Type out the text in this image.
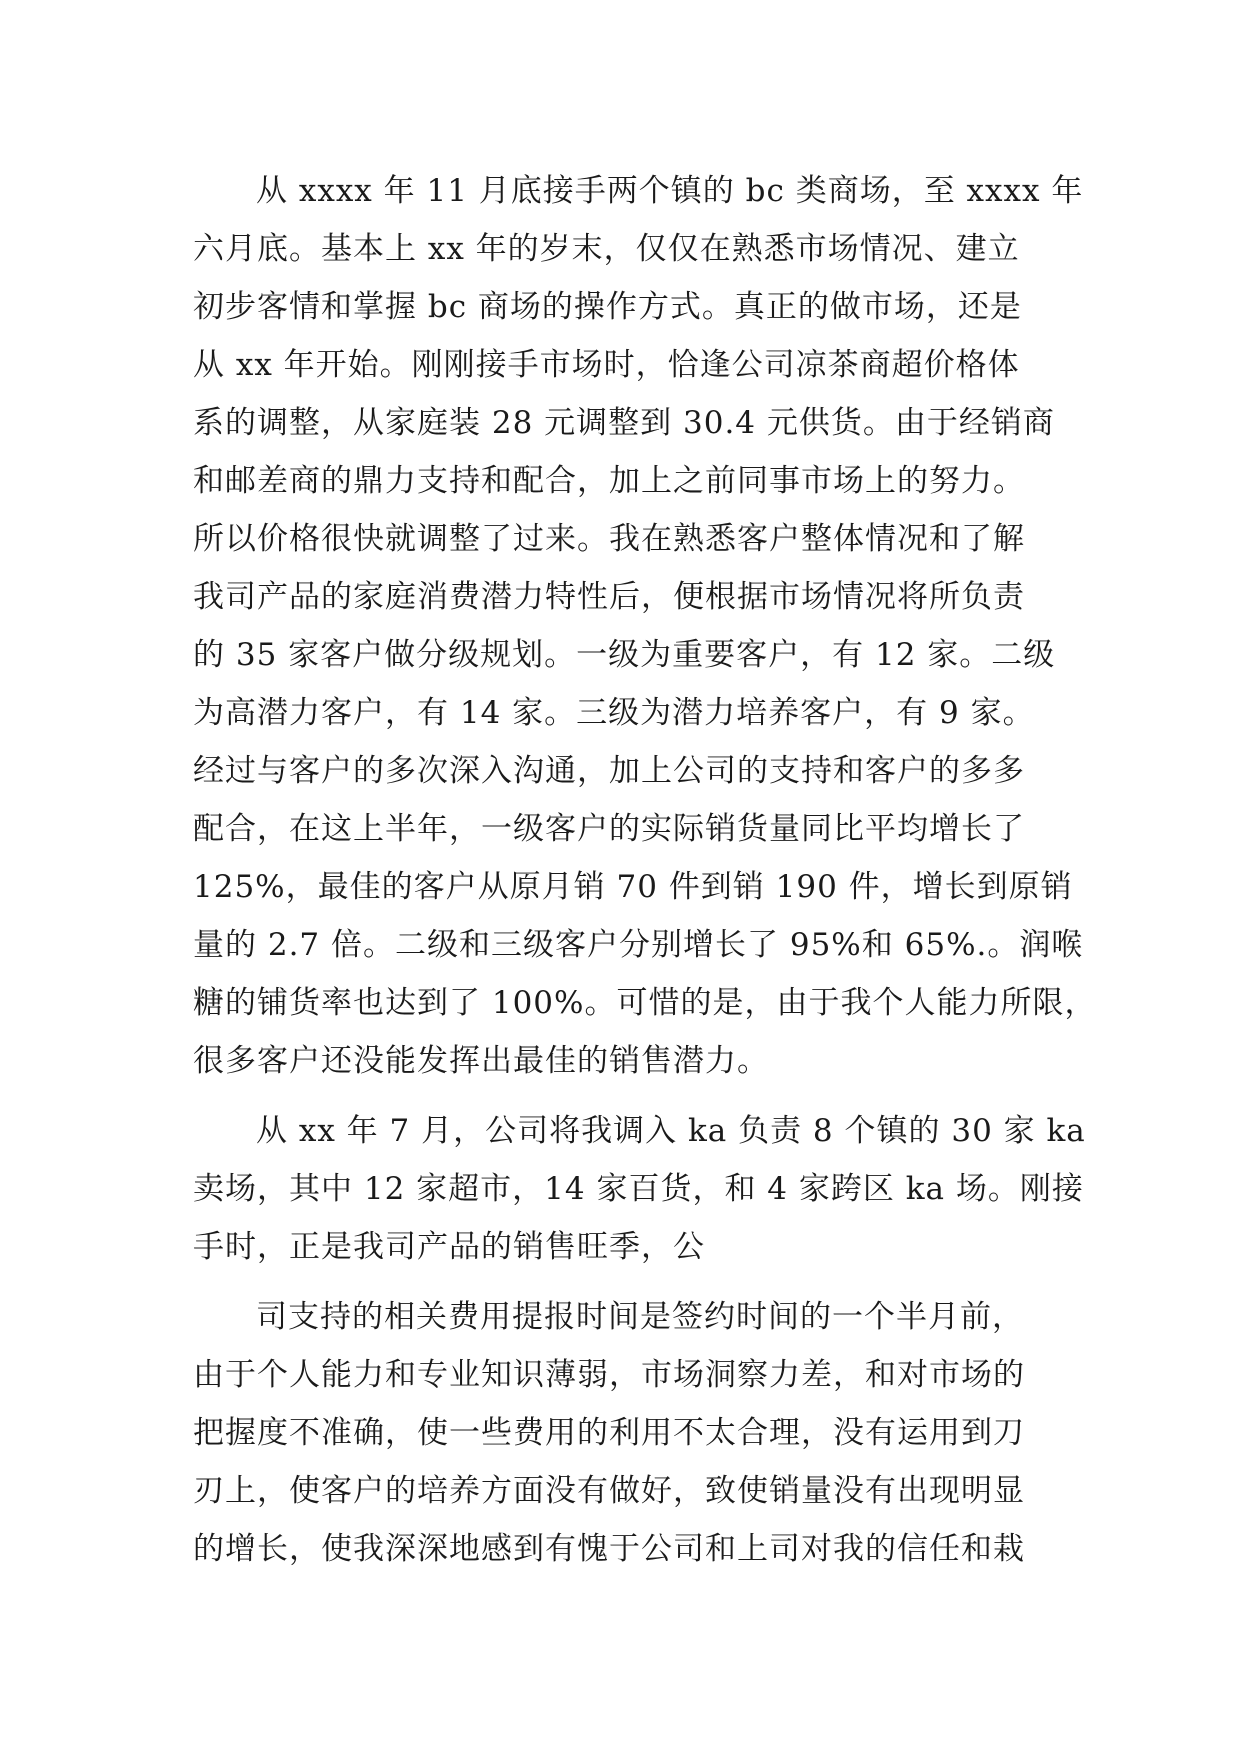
从 xxxx 年 11 月底接手两个镇的 bc 类商场，至 xxxx 年
六月底。基本上 xx 年的岁末，仅仅在熟悉市场情况、建立
初步客情和掌握 bc 商场的操作方式。真正的做市场，还是
从 xx 年开始。刚刚接手市场时，恰逢公司凉茶商超价格体
系的调整，从家庭装 28 元调整到 30.4 元供货。由于经销商
和邮差商的鼎力支持和配合，加上之前同事市场上的努力。
所以价格很快就调整了过来。我在熟悉客户整体情况和了解
我司产品的家庭消费潜力特性后，便根据市场情况将所负责
的 35 家客户做分级规划。一级为重要客户，有 12 家。二级
为高潜力客户，有 14 家。三级为潜力培养客户，有 9 家。
经过与客户的多次深入沟通，加上公司的支持和客户的多多
配合，在这上半年，一级客户的实际销货量同比平均增长了
125%，最佳的客户从原月销 70 件到销 190 件，增长到原销
量的 2.7 倍。二级和三级客户分别增长了 95%和 65%.。润喉
糖的铺货率也达到了 100%。可惜的是，由于我个人能力所限，
很多客户还没能发挥出最佳的销售潜力。
从 xx 年 7 月，公司将我调入 ka 负责 8 个镇的 30 家 ka
卖场，其中 12 家超市，14 家百货，和 4 家跨区 ka 场。刚接
手时，正是我司产品的销售旺季，公
司支持的相关费用提报时间是签约时间的一个半月前，
由于个人能力和专业知识薄弱，市场洞察力差，和对市场的
把握度不准确，使一些费用的利用不太合理，没有运用到刀
刃上，使客户的培养方面没有做好，致使销量没有出现明显
的增长，使我深深地感到有愧于公司和上司对我的信任和栽
